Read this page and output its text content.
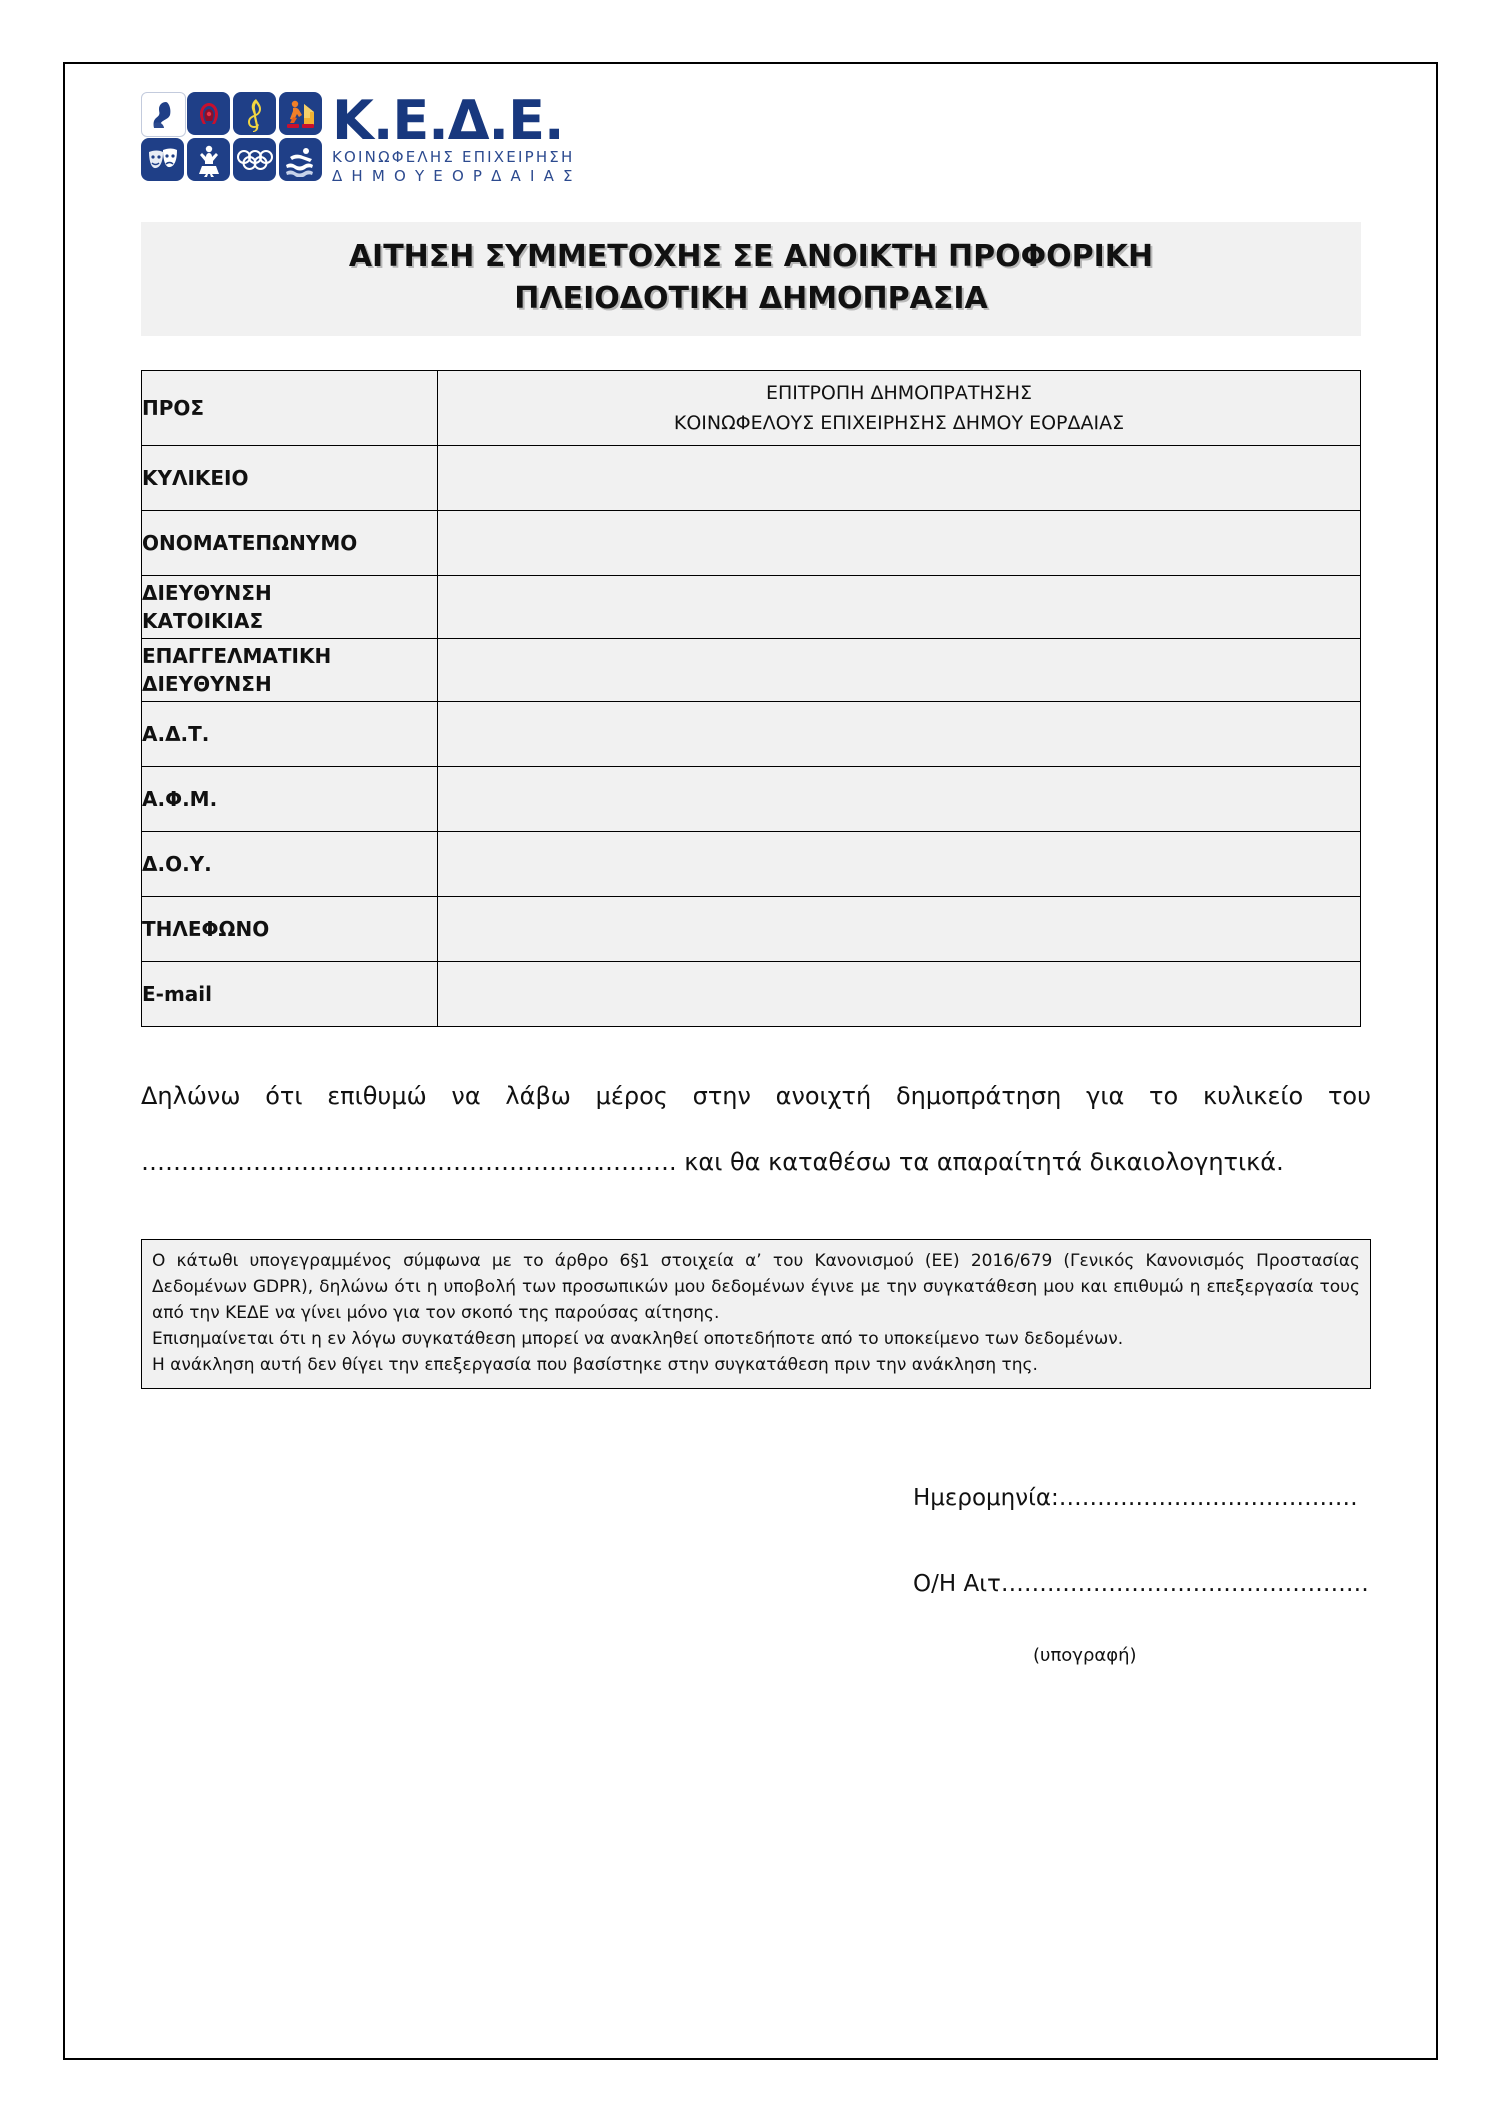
Κ.Ε.Δ.Ε.
ΚΟΙΝΩΦΕΛΗΣ ΕΠΙΧΕΙΡΗΣΗ
Δ Η Μ Ο Υ Ε Ο Ρ Δ Α Ι Α Σ
ΑΙΤΗΣΗ ΣΥΜΜΕΤΟΧΗΣ ΣΕ ΑΝΟΙΚΤΗ ΠΡΟΦΟΡΙΚΗ
ΠΛΕΙΟΔΟΤΙΚΗ ΔΗΜΟΠΡΑΣΙΑ
ΠΡΟΣ	ΕΠΙΤΡΟΠΗ ΔΗΜΟΠΡΑΤΗΣΗΣ
ΚΟΙΝΩΦΕΛΟΥΣ ΕΠΙΧΕΙΡΗΣΗΣ ΔΗΜΟΥ ΕΟΡΔΑΙΑΣ

ΚΥΛΙΚΕΙΟ	
ΟΝΟΜΑΤΕΠΩΝΥΜΟ	

ΔΙΕΥΘΥΝΣΗ
ΚΑΤΟΙΚΙΑΣ	

ΕΠΑΓΓΕΛΜΑΤΙΚΗ
ΔΙΕΥΘΥΝΣΗ	

Α.Δ.Τ.	
Α.Φ.Μ.	
Δ.Ο.Υ.	
ΤΗΛΕΦΩΝΟ	
E-mail	
Δηλώνω ότι επιθυμώ να λάβω μέρος στην ανοιχτή δημοπράτηση για το κυλικείο του
…………………………………………………………. και θα καταθέσω τα απαραίτητά δικαιολογητικά.
Ο κάτωθι υπογεγραμμένος σύμφωνα με το άρθρο 6§1 στοιχεία α’ του Κανονισμού (ΕΕ) 2016/679 (Γενικός Κανονισμός Προστασίας Δεδομένων GDPR), δηλώνω ότι η υποβολή των προσωπικών μου δεδομένων έγινε με την συγκατάθεση μου και επιθυμώ η επεξεργασία τους από την ΚΕΔΕ να γίνει μόνο για τον σκοπό της παρούσας αίτησης.
Επισημαίνεται ότι η εν λόγω συγκατάθεση μπορεί να ανακληθεί οποτεδήποτε από το υποκείμενο των δεδομένων.
Η ανάκληση αυτή δεν θίγει την επεξεργασία που βασίστηκε στην συγκατάθεση πριν την ανάκληση της.
Ημερομηνία:…………………………………
Ο/Η Αιτ…………………………………………
(υπογραφή)
